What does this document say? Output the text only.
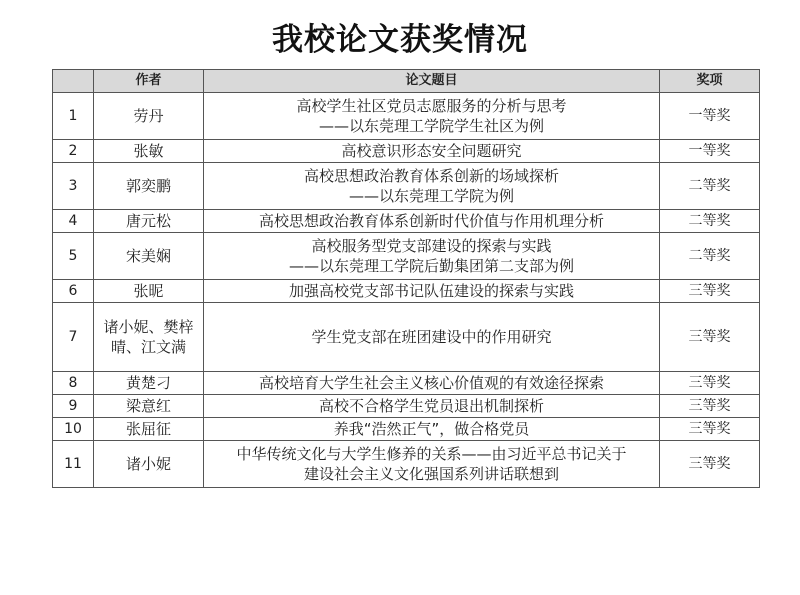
我校论文获奖情况
	作者	论文题目	奖项
1	劳丹	高校学生社区党员志愿服务的分析与思考
——以东莞理工学院学生社区为例	一等奖
2	张敏	高校意识形态安全问题研究	一等奖
3	郭奕鹏	高校思想政治教育体系创新的场域探析
——以东莞理工学院为例	二等奖
4	唐元松	高校思想政治教育体系创新时代价值与作用机理分析	二等奖
5	宋美娴	高校服务型党支部建设的探索与实践
——以东莞理工学院后勤集团第二支部为例	二等奖
6	张昵	加强高校党支部书记队伍建设的探索与实践	三等奖
7	诸小妮、樊梓晴、江文满	学生党支部在班团建设中的作用研究	三等奖
8	黄楚刁	高校培育大学生社会主义核心价值观的有效途径探索	三等奖
9	梁意红	高校不合格学生党员退出机制探析	三等奖
10	张屈征	养我“浩然正气”，做合格党员	三等奖
11	诸小妮	中华传统文化与大学生修养的关系——由习近平总书记关于
建设社会主义文化强国系列讲话联想到	三等奖
